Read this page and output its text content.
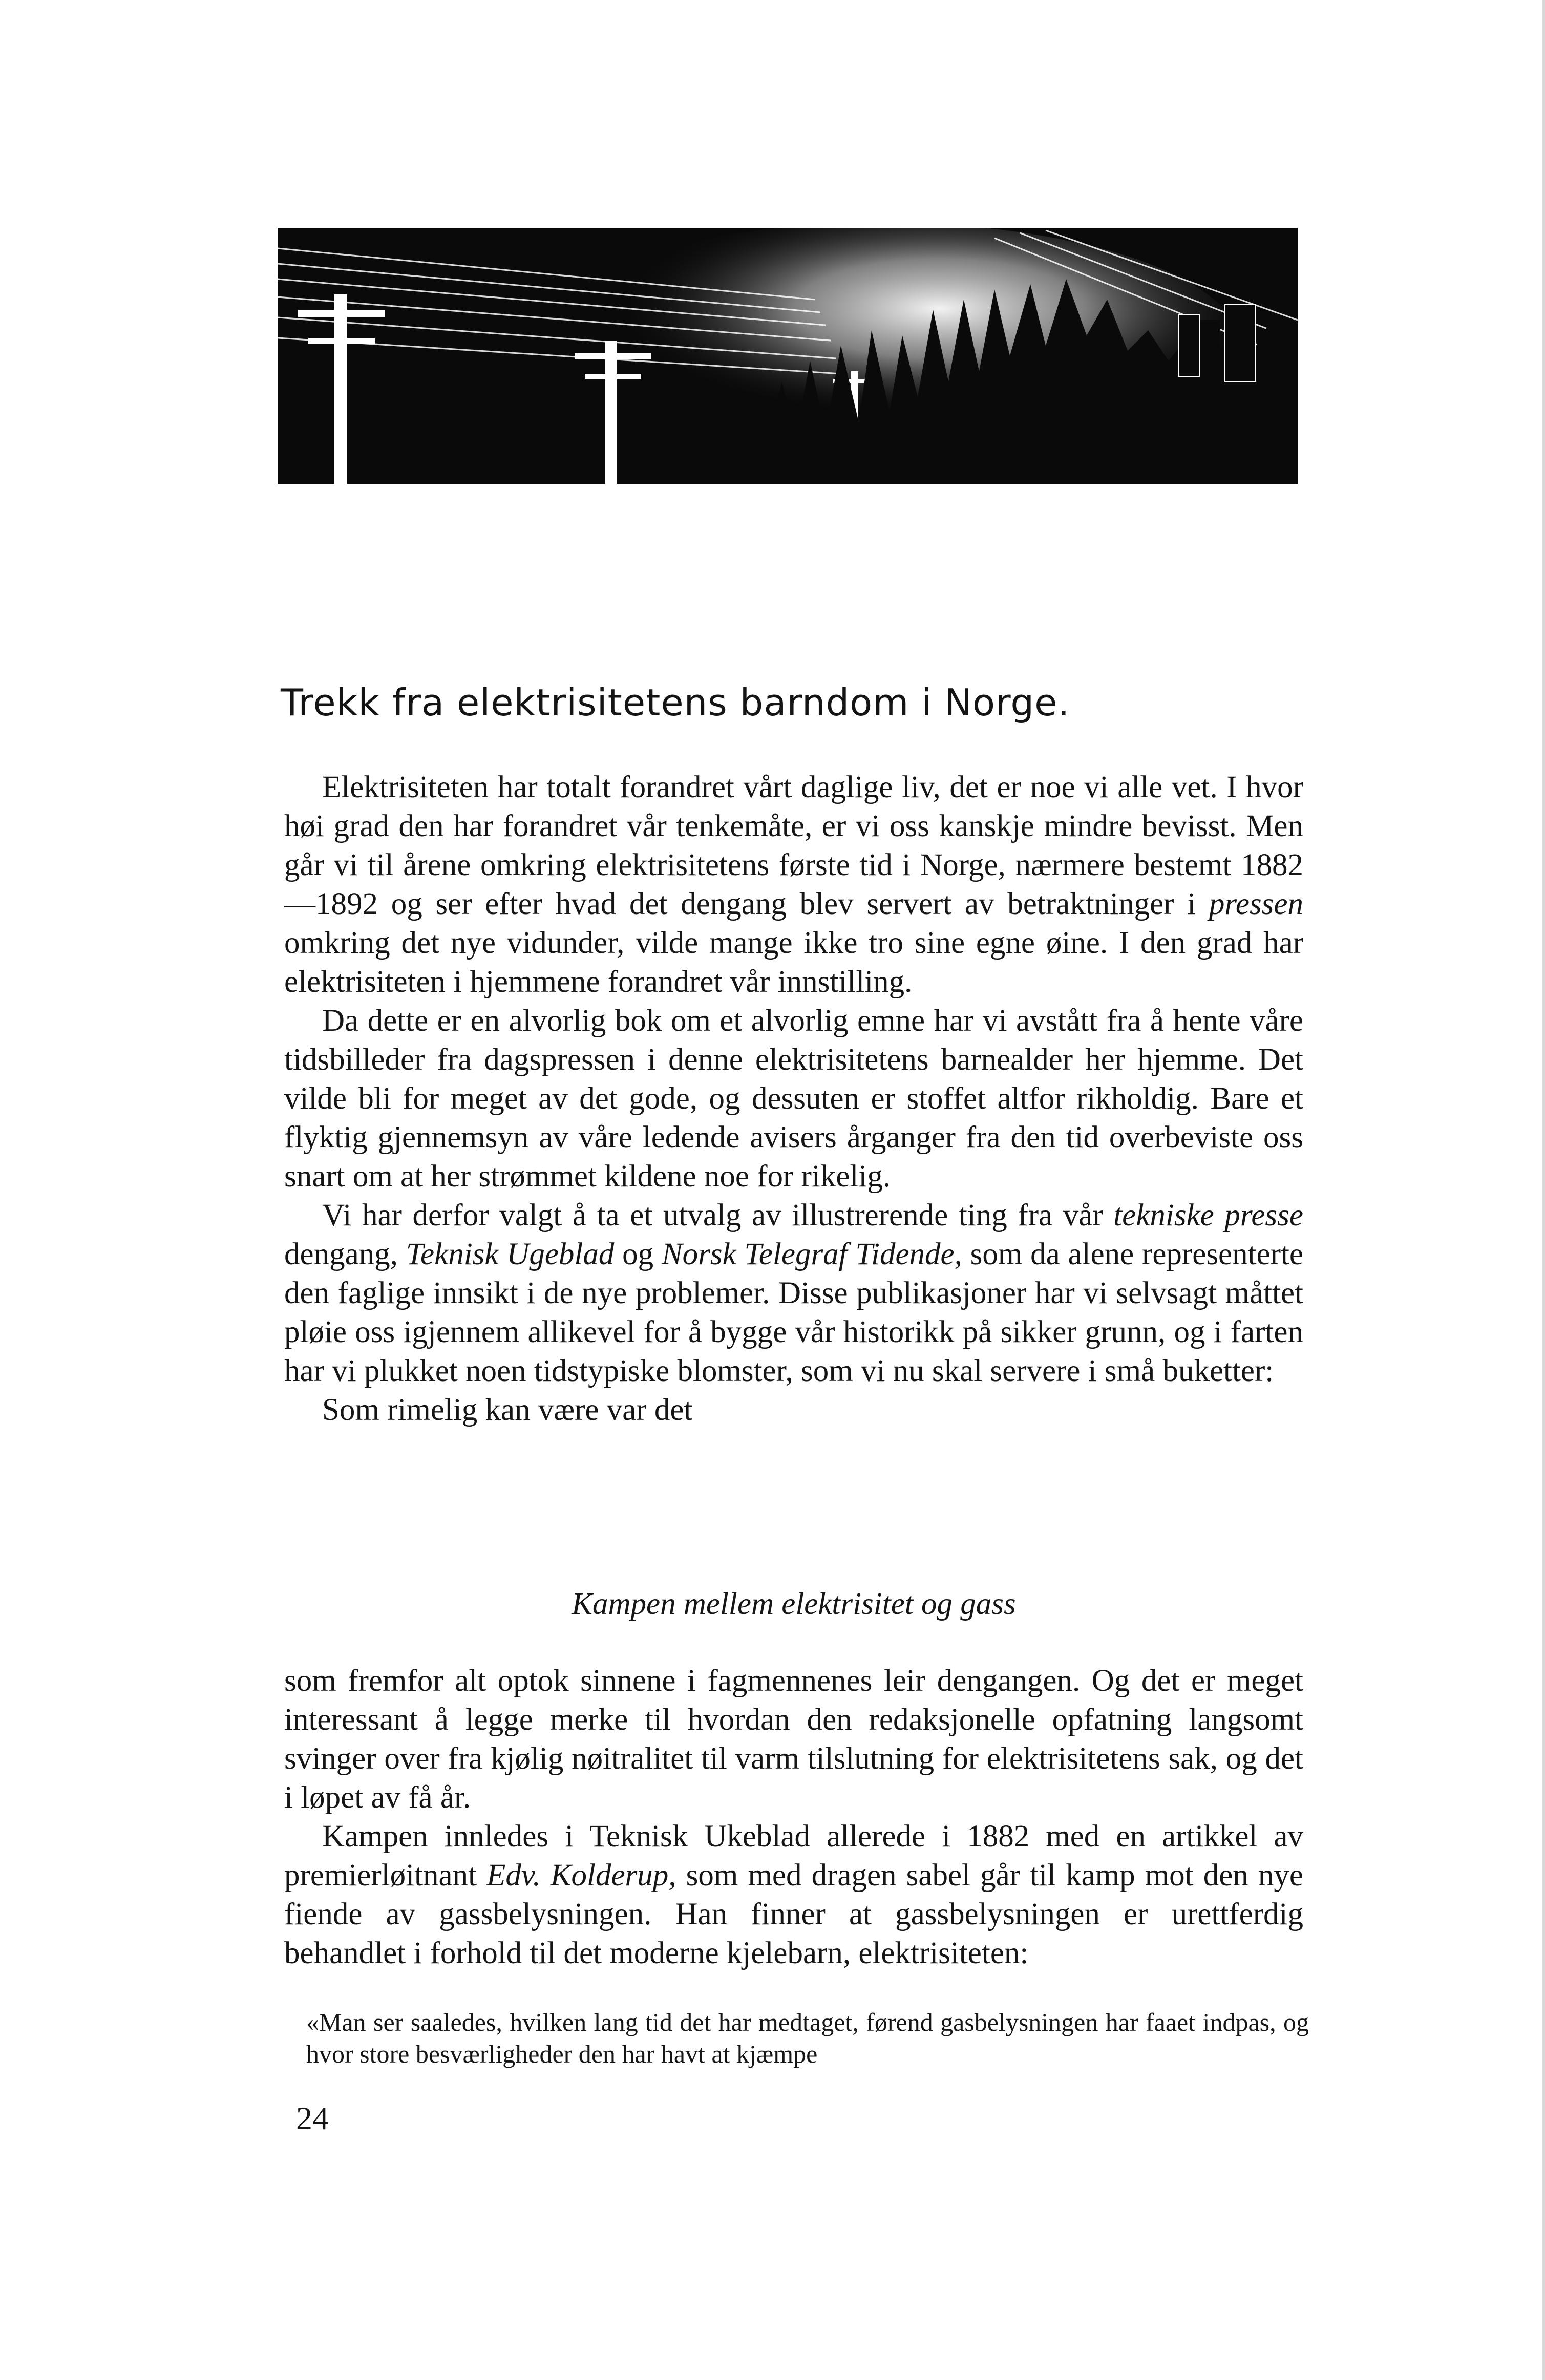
Trekk fra elektrisitetens barndom i Norge.

Elektrisiteten har totalt forandret vårt daglige liv, det er noe vi alle vet. I hvor høi grad den har forandret vår tenkemåte, er vi oss kanskje mindre bevisst. Men går vi til årene omkring elektrisitetens første tid i Norge, nærmere bestemt 1882—1892 og ser efter hvad det dengang blev servert av betraktninger i pressen omkring det nye vidunder, vilde mange ikke tro sine egne øine. I den grad har elektrisiteten i hjemmene forandret vår innstilling.

Da dette er en alvorlig bok om et alvorlig emne har vi avstått fra å hente våre tidsbilleder fra dagspressen i denne elektrisitetens barnealder her hjemme. Det vilde bli for meget av det gode, og dessuten er stoffet altfor rikholdig. Bare et flyktig gjennemsyn av våre ledende avisers årganger fra den tid overbeviste oss snart om at her strømmet kildene noe for rikelig.

Vi har derfor valgt å ta et utvalg av illustrerende ting fra vår tekniske presse dengang, Teknisk Ugeblad og Norsk Telegraf Tidende, som da alene representerte den faglige innsikt i de nye problemer. Disse publikasjoner har vi selvsagt måttet pløie oss igjennem allikevel for å bygge vår historikk på sikker grunn, og i farten har vi plukket noen tidstypiske blomster, som vi nu skal servere i små buketter:

Som rimelig kan være var det

Kampen mellem elektrisitet og gass

som fremfor alt optok sinnene i fagmennenes leir dengangen. Og det er meget interessant å legge merke til hvordan den redaksjonelle opfatning langsomt svinger over fra kjølig nøitralitet til varm tilslutning for elektrisitetens sak, og det i løpet av få år.

Kampen innledes i Teknisk Ukeblad allerede i 1882 med en artikkel av premierløitnant Edv. Kolderup, som med dragen sabel går til kamp mot den nye fiende av gassbelysningen. Han finner at gassbelysningen er urettferdig behandlet i forhold til det moderne kjelebarn, elektrisiteten:

«Man ser saaledes, hvilken lang tid det har medtaget, førend gasbelysningen har faaet indpas, og hvor store besværligheder den har havt at kjæmpe

24
